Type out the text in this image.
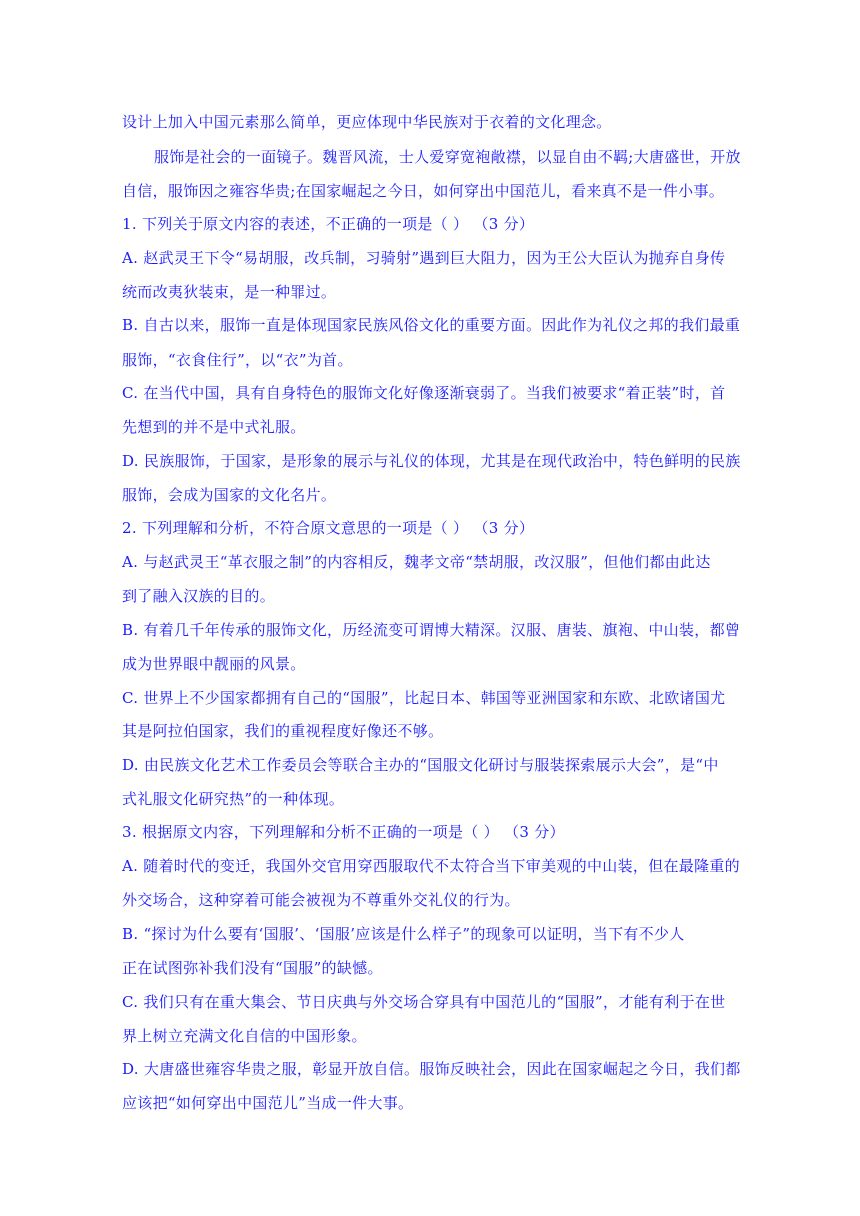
设计上加入中国元素那么简单，更应体现中华民族对于衣着的文化理念。
服饰是社会的一面镜子。魏晋风流，士人爱穿宽袍敞襟，以显自由不羁;大唐盛世，开放
自信，服饰因之雍容华贵;在国家崛起之今日，如何穿出中国范儿，看来真不是一件小事。
1. 下列关于原文内容的表述，不正确的一项是（ ） （3 分）
A. 赵武灵王下令“易胡服，改兵制，习骑射”遇到巨大阻力，因为王公大臣认为抛弃自身传
统而改夷狄装束，是一种罪过。
B. 自古以来，服饰一直是体现国家民族风俗文化的重要方面。因此作为礼仪之邦的我们最重
服饰，“衣食住行”，以“衣”为首。
C. 在当代中国，具有自身特色的服饰文化好像逐渐衰弱了。当我们被要求“着正装”时，首
先想到的并不是中式礼服。
D. 民族服饰，于国家，是形象的展示与礼仪的体现，尤其是在现代政治中，特色鲜明的民族
服饰，会成为国家的文化名片。
2. 下列理解和分析，不符合原文意思的一项是（ ） （3 分）
A. 与赵武灵王“革衣服之制”的内容相反，魏孝文帝“禁胡服，改汉服”，但他们都由此达
到了融入汉族的目的。
B. 有着几千年传承的服饰文化，历经流变可谓博大精深。汉服、唐装、旗袍、中山装，都曾
成为世界眼中靓丽的风景。
C. 世界上不少国家都拥有自己的“国服”，比起日本、韩国等亚洲国家和东欧、北欧诸国尤
其是阿拉伯国家，我们的重视程度好像还不够。
D. 由民族文化艺术工作委员会等联合主办的“国服文化研讨与服装探索展示大会”，是“中
式礼服文化研究热”的一种体现。
3. 根据原文内容，下列理解和分析不正确的一项是（ ） （3 分）
A. 随着时代的变迁，我国外交官用穿西服取代不太符合当下审美观的中山装，但在最隆重的
外交场合，这种穿着可能会被视为不尊重外交礼仪的行为。
B. “探讨为什么要有‘国服’、‘国服’应该是什么样子”的现象可以证明，当下有不少人
正在试图弥补我们没有“国服”的缺憾。
C. 我们只有在重大集会、节日庆典与外交场合穿具有中国范儿的“国服”，才能有利于在世
界上树立充满文化自信的中国形象。
D. 大唐盛世雍容华贵之服，彰显开放自信。服饰反映社会，因此在国家崛起之今日，我们都
应该把“如何穿出中国范儿”当成一件大事。
